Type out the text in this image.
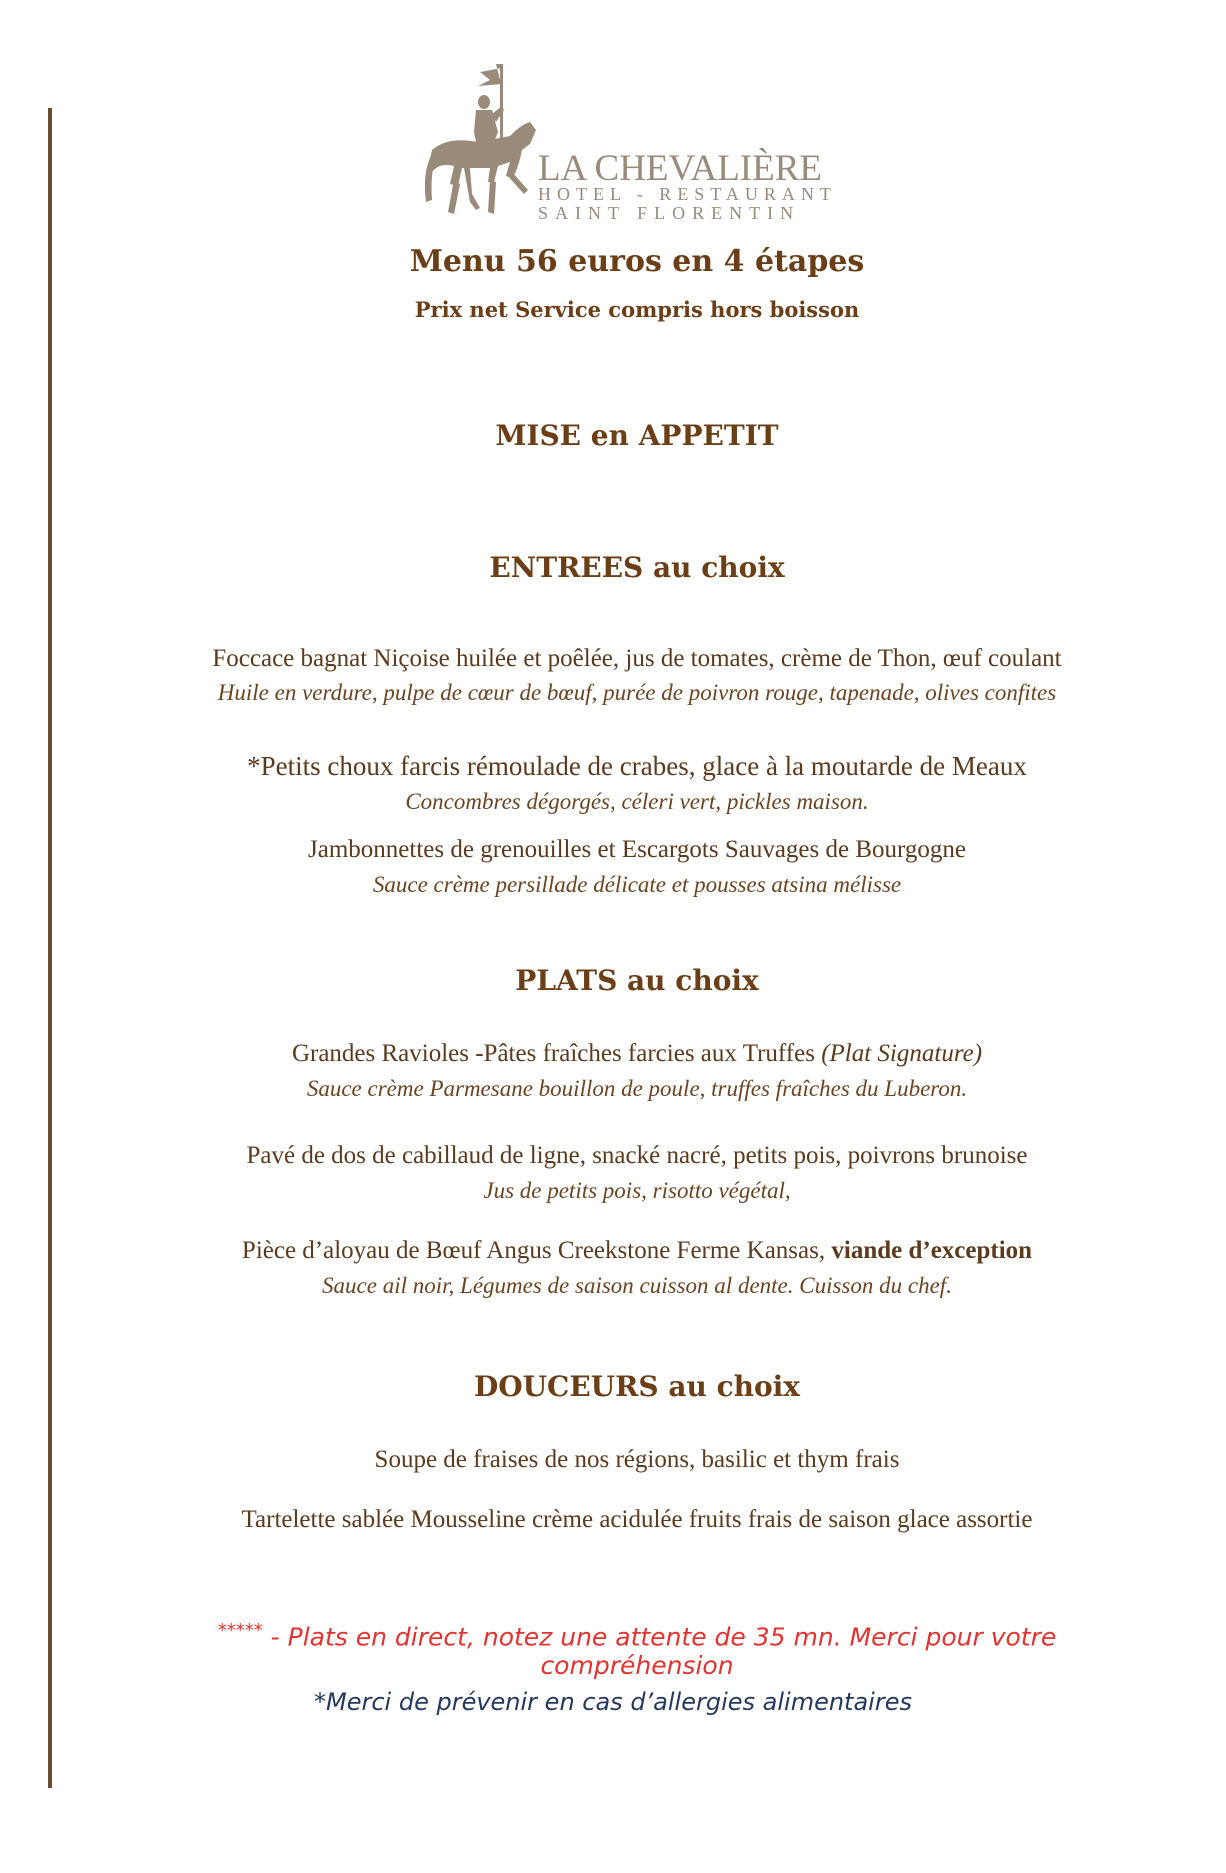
LA CHEVALIÈRE
HOTEL - RESTAURANT
SAINT FLORENTIN
Menu 56 euros en 4 étapes
Prix net Service compris hors boisson
MISE en APPETIT
ENTREES au choix
Foccace bagnat Niçoise huilée et poêlée, jus de tomates, crème de Thon, œuf coulant
Huile en verdure, pulpe de cœur de bœuf, purée de poivron rouge, tapenade, olives confites
*Petits choux farcis rémoulade de crabes, glace à la moutarde de Meaux
Concombres dégorgés, céleri vert, pickles maison.
Jambonnettes de grenouilles et Escargots Sauvages de Bourgogne
Sauce crème persillade délicate et pousses atsina mélisse
PLATS au choix
Grandes Ravioles -Pâtes fraîches farcies aux Truffes (Plat Signature)
Sauce crème Parmesane bouillon de poule, truffes fraîches du Luberon.
Pavé de dos de cabillaud de ligne, snacké nacré, petits pois, poivrons brunoise
Jus de petits pois, risotto végétal,
Pièce d’aloyau de Bœuf Angus Creekstone Ferme Kansas, viande d’exception
Sauce ail noir, Légumes de saison cuisson al dente. Cuisson du chef.
DOUCEURS au choix
Soupe de fraises de nos régions, basilic et thym frais
Tartelette sablée Mousseline crème acidulée fruits frais de saison glace assortie
***** - Plats en direct, notez une attente de 35 mn. Merci pour votre compréhension
*Merci de prévenir en cas d’allergies alimentaires
